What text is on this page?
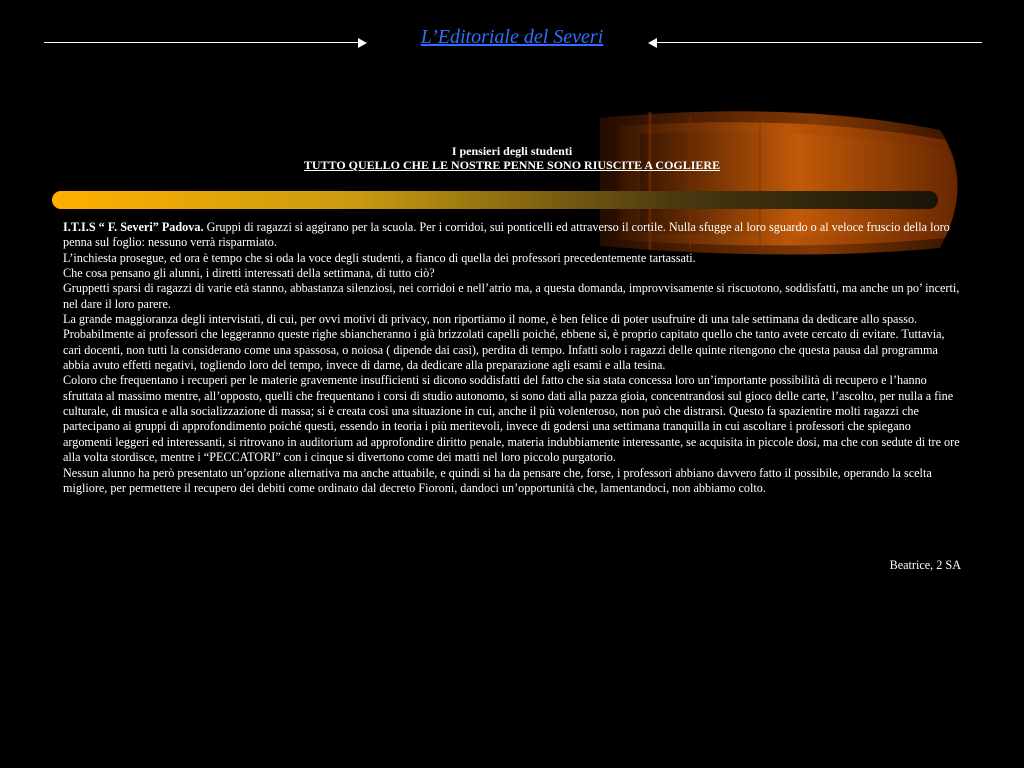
L’Editoriale del Severi
I pensieri degli studenti
TUTTO QUELLO CHE LE NOSTRE PENNE SONO RIUSCITE A COGLIERE

I.T.I.S “ F. Severi” Padova. Gruppi di ragazzi si aggirano per la scuola. Per i corridoi, sui ponticelli ed attraverso il cortile. Nulla sfugge al loro sguardo o al veloce fruscio della loro penna sul foglio: nessuno verrà risparmiato.

L’inchiesta prosegue, ed ora è tempo che si oda la voce degli studenti, a fianco di quella dei professori precedentemente tartassati.

Che cosa pensano gli alunni, i diretti interessati della settimana, di tutto ciò?

Gruppetti sparsi di ragazzi di varie età stanno, abbastanza silenziosi, nei corridoi e nell’atrio ma, a questa domanda, improvvisamente si riscuotono, soddisfatti, ma anche un po’ incerti, nel dare il loro parere.

La grande maggioranza degli intervistati, di cui, per ovvi motivi di privacy, non riportiamo il nome, è ben felice di poter usufruire di una tale settimana da dedicare allo spasso. Probabilmente ai professori che leggeranno queste righe sbiancheranno i già brizzolati capelli poiché, ebbene sì, è proprio capitato quello che tanto avete cercato di evitare. Tuttavia, cari docenti, non tutti la considerano come una spassosa, o noiosa ( dipende dai casi), perdita di tempo. Infatti solo i ragazzi delle quinte ritengono che questa pausa dal programma abbia avuto effetti negativi, togliendo loro del tempo, invece di darne, da dedicare alla preparazione agli esami e alla tesina.

Coloro che frequentano i recuperi per le materie gravemente insufficienti si dicono soddisfatti del fatto che sia stata concessa loro un’importante possibilità di recupero e l’hanno sfruttata al massimo mentre, all’opposto, quelli che frequentano i corsi di studio autonomo, si sono dati alla pazza gioia, concentrandosi sul gioco delle carte, l’ascolto, per nulla a fine culturale, di musica e alla socializzazione di massa; si è creata così una situazione in cui, anche il più volenteroso, non può che distrarsi. Questo fa spazientire molti ragazzi che partecipano ai gruppi di approfondimento poiché questi, essendo in teoria i più meritevoli, invece di godersi una settimana tranquilla in cui ascoltare i professori che spiegano argomenti leggeri ed interessanti, si ritrovano in auditorium ad approfondire diritto penale, materia indubbiamente interessante, se acquisita in piccole dosi, ma che con sedute di tre ore alla volta stordisce, mentre i “PECCATORI” con i cinque si divertono come dei matti nel loro piccolo purgatorio.

Nessun alunno ha però presentato un’opzione alternativa ma anche attuabile, e quindi si ha da pensare che, forse, i professori abbiano davvero fatto il possibile, operando la scelta migliore, per permettere il recupero dei debiti come ordinato dal decreto Fioroni, dandoci un’opportunità che, lamentandoci, non abbiamo colto.

Beatrice, 2 SA
